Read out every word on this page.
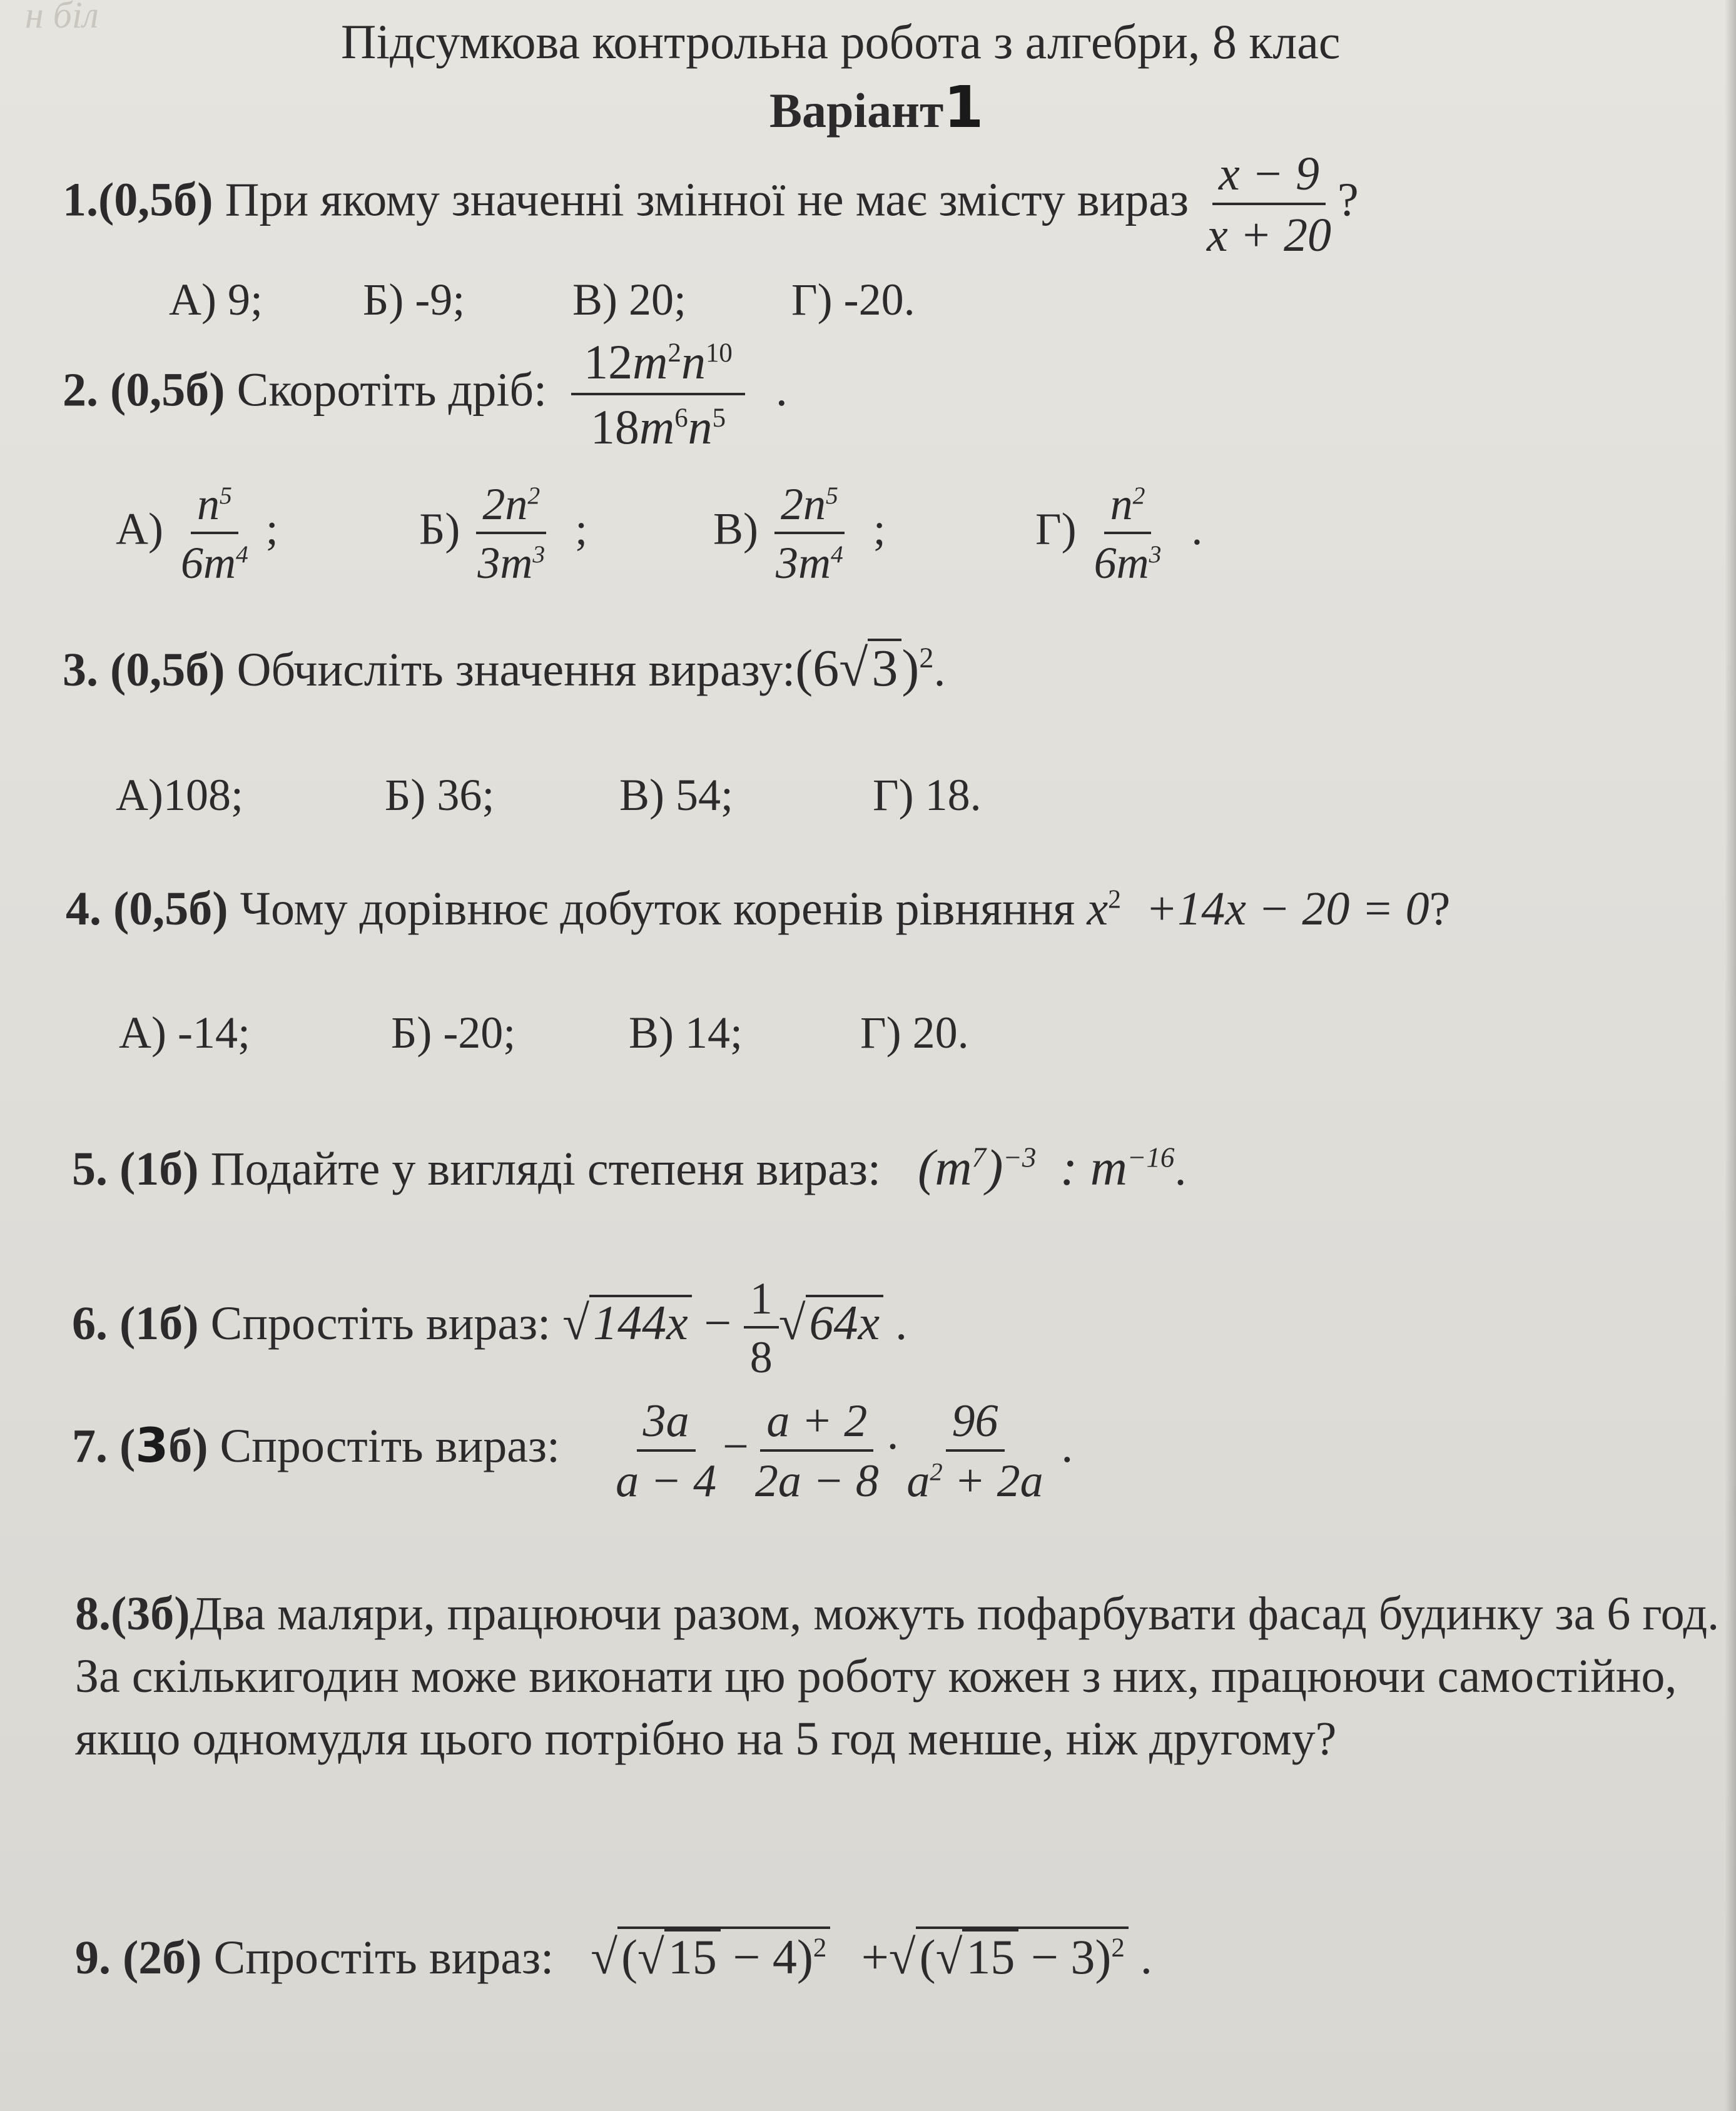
н біл	Підсумкова контрольна робота з алгебри, 8 клас
Варіант1
1.(0,5б) При якому значенні змінної не має змісту вираз $\frac{x - 9}{x + 20}$ ?
А) 9; Б) -9; В) 20; Г) -20.
2. (0,5б) Скоротіть дріб: $\frac{12m^2n^{10}}{18m^6n^5}$ .
$А) \frac{n^5}{6m^4}$ ;	$Б) \frac{2n^2}{3m^3}$ ;	$В) \frac{2n^5}{3m^4}$ ;	$Г) \frac{n^2}{6m^3}$ .
3. (0,5б) Обчисліть значення $виразу:(6√3)^2$.
А)108;	Б) 36;	В) 54;	Г) 18.
4. (0,5б) Чому дорівнює добуток коренів рівняння $x^2 +14x - 20 = 0$?
А) -14;	Б) -20;	В) 14;	Г) 20.
5. (1б) Подайте у вигляді степеня вираз: $(m^7)^{-3}$ : $m^{-16}$.
6. (1б) Спростіть вираз: $√144x - \frac{1}{8} √64x$ .
7. (3б) Спростіть вираз: $\frac{3a}{a - 4} - \frac{a + 2}{2a - 8} \cdot \frac{96}{a^2 + 2a}$ .
8.(3б)Два маляри, працюючи разом, можуть пофарбувати фасад будинку за 6 год. За скількигодин може виконати цю роботу кожен з них, працюючи самостійно, якщо одномудля цього потрібно на 5 год менше, ніж другому?
9. (2б) Спростіть вираз: $√(√15 - 4)^2 +√(√15 - 3)^2$ .
